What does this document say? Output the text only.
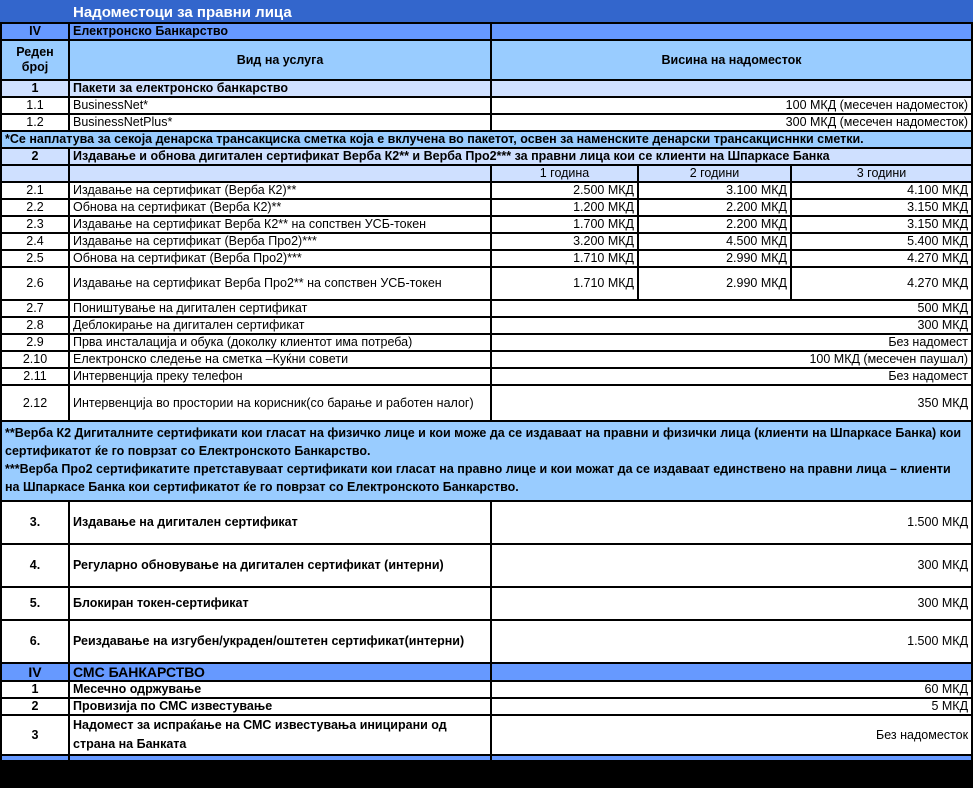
	Надоместоци за правни лица			
IV	Електронско Банкарство			
Реден број	Вид на услуга	Висина на надоместок		
1	Пакети за електронско банкарство			
1.1	BusinessNet*	100 МКД (месечен надоместок)		
1.2	BusinessNetPlus*	300 МКД (месечен надоместок)		
*Се наплатува за секоја денарска трансакциска сметка која е вклучена во пакетот, освен за наменските денарски трансакцисннки сметки.				
2	Издавање и обнова дигитален сертификат Верба К2** и Верба Про2*** за правни лица кои се клиенти на Шпаркасе Банка			
		1 година	2 години	3 години
2.1	Издавање на сертификат (Верба К2)**	2.500 МКД	3.100 МКД	4.100 МКД
2.2	Обнова на сертификат (Верба К2)**	1.200 МКД	2.200 МКД	3.150 МКД
2.3	Издавање на сертификат Верба К2** на сопствен УСБ-токен	1.700 МКД	2.200 МКД	3.150 МКД
2.4	Издавање на сертификат (Верба Про2)***	3.200 МКД	4.500 МКД	5.400 МКД
2.5	Обнова на сертификат (Верба Про2)***	1.710 МКД	2.990 МКД	4.270 МКД
2.6	Издавање на сертификат Верба Про2** на сопствен УСБ-токен	1.710 МКД	2.990 МКД	4.270 МКД
2.7	Поништување на дигитален сертификат	500 МКД		
2.8	Деблокирање на дигитален сертификат	300 МКД		
2.9	Прва инсталација и обука (доколку клиентот има потреба)	Без надомест		
2.10	Електронско следење на сметка –Куќни совети	100 МКД (месечен паушал)		
2.11	Интервенција преку телефон	Без надомест		
2.12	Интервенција во простории на корисник(со барање и работен налог)	350 МКД		

**Верба К2 Дигиталните сертификати кои гласат на физичко лице и кои може да се издаваат на правни и физички лица (клиенти на Шпаркасе Банка) кои сертификатот ќе го поврзат со Електронското Банкарство.
***Верба Про2 сертификатите претставуваат сертификати кои гласат на правно лице и кои можат да се издаваат единствено на правни лица – клиенти на Шпаркасе Банка кои сертификатот ќе го поврзат со Електронското Банкарство.				

3.	Издавање на дигитален сертификат	1.500 МКД		
4.	Регуларно обновување на дигитален сертификат (интерни)	300 МКД		
5.	Блокиран токен-сертификат	300 МКД		
6.	Реиздавање на изгубен/украден/оштетен сертификат(интерни)	1.500 МКД		
IV	СМС БАНКАРСТВО			
1	Месечно одржување	60 МКД		
2	Провизија по СМС известување	5 МКД		
3	Надомест за испраќање на СМС известувања иницирани од страна на Банката	Без надоместок		
